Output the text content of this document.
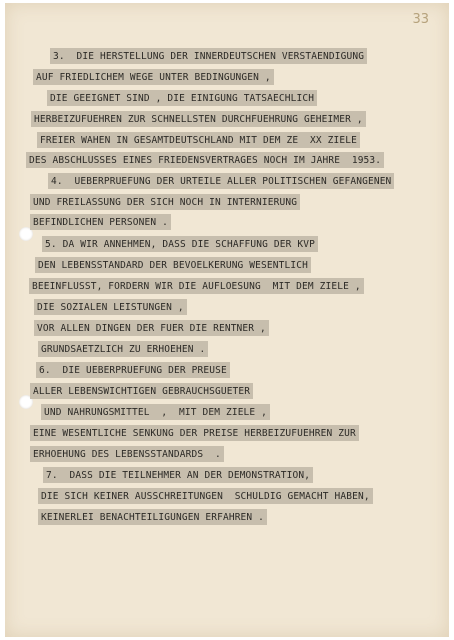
33
3.  DIE HERSTELLUNG DER INNERDEUTSCHEN VERSTAENDIGUNG
AUF FRIEDLICHEM WEGE UNTER BEDINGUNGEN ,
DIE GEEIGNET SIND , DIE EINIGUNG TATSAECHLICH
HERBEIZUFUEHREN ZUR SCHNELLSTEN DURCHFUEHRUNG GEHEIMER ,
FREIER WAHEN IN GESAMTDEUTSCHLAND MIT DEM ZE  XX ZIELE
DES ABSCHLUSSES EINES FRIEDENSVERTRAGES NOCH IM JAHRE  1953.
4.  UEBERPRUEFUNG DER URTEILE ALLER POLITISCHEN GEFANGENEN
UND FREILASSUNG DER SICH NOCH IN INTERNIERUNG
BEFINDLICHEN PERSONEN .
5. DA WIR ANNEHMEN, DASS DIE SCHAFFUNG DER KVP
DEN LEBENSSTANDARD DER BEVOELKERUNG WESENTLICH
BEEINFLUSST, FORDERN WIR DIE AUFLOESUNG  MIT DEM ZIELE ,
DIE SOZIALEN LEISTUNGEN ,
VOR ALLEN DINGEN DER FUER DIE RENTNER ,
GRUNDSAETZLICH ZU ERHOEHEN .
6.  DIE UEBERPRUEFUNG DER PREUSE
ALLER LEBENSWICHTIGEN GEBRAUCHSGUETER
UND NAHRUNGSMITTEL  ,  MIT DEM ZIELE ,
EINE WESENTLICHE SENKUNG DER PREISE HERBEIZUFUEHREN ZUR
ERHOEHUNG DES LEBENSSTANDARDS  .
7.  DASS DIE TEILNEHMER AN DER DEMONSTRATION,
DIE SICH KEINER AUSSCHREITUNGEN  SCHULDIG GEMACHT HABEN,
KEINERLEI BENACHTEILIGUNGEN ERFAHREN .
